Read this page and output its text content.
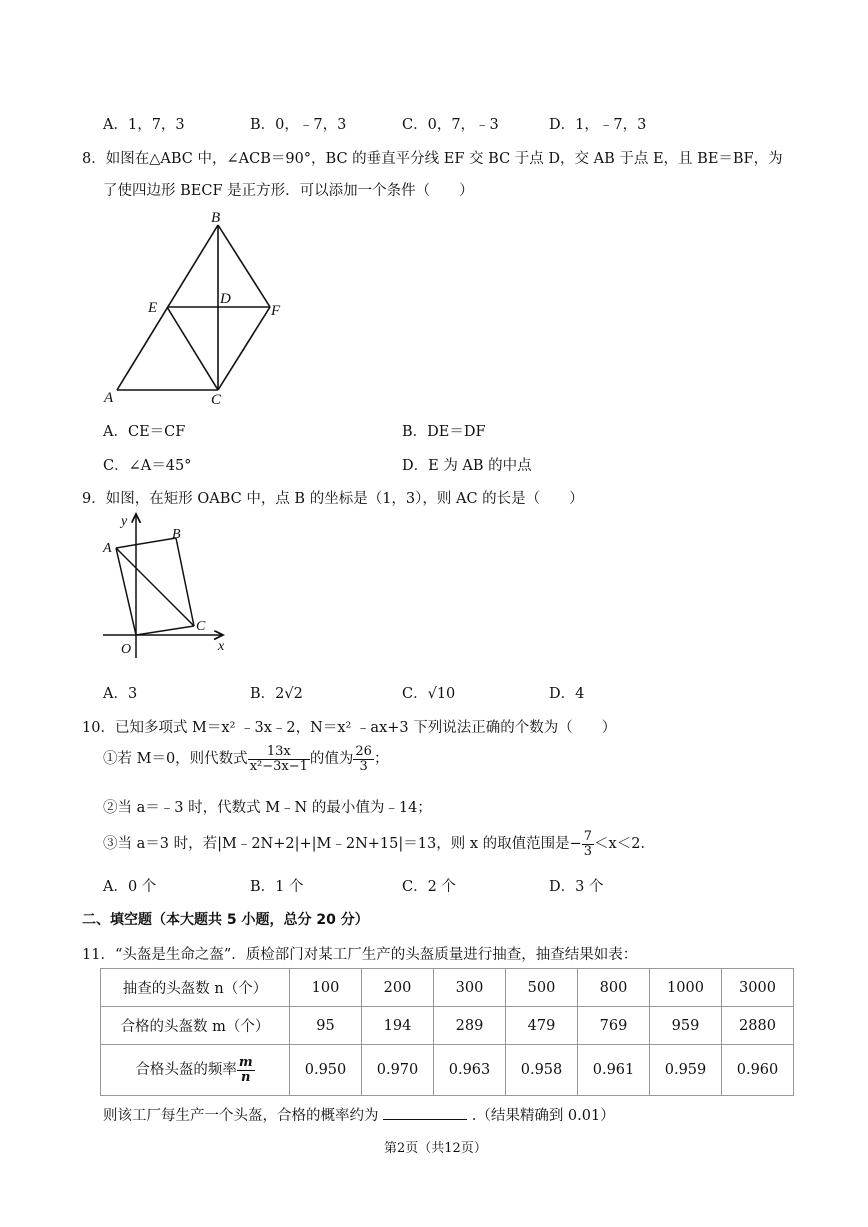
A．1，7，3	B．0，﹣7，3	C．0，7，﹣3	D．1，﹣7，3
8．如图在△ABC 中，∠ACB＝90°，BC 的垂直平分线 EF 交 BC 于点 D，交 AB 于点 E，且 BE＝BF，为
了使四边形 BECF 是正方形．可以添加一个条件（　　）
B
A	C
D
E	F
A．CE＝CF	B．DE＝DF
C．∠A＝45°	D．E 为 AB 的中点
9．如图，在矩形 OABC 中，点 B 的坐标是（1，3），则 AC 的长是（　　）
y
x
A
B
C
O
A．3	B．2√2	C．√10	D．4
10．已知多项式 M＝x² ﹣3x﹣2，N＝x² ﹣ax+3 下列说法正确的个数为（　　）
①若 M＝0，则代数式 $\frac{13x}{\text{x²−3x−1}}$ 的值为 $\frac{26}{3}$ ；
②当 a＝﹣3 时，代数式 M﹣N 的最小值为﹣14；
③当 a＝3 时，若|M﹣2N+2|+|M﹣2N+15|＝13，则 x 的取值范围是− $\frac{7}{3} <x<2$．
A．0 个	B．1 个	C．2 个	D．3 个
二、填空题（本大题共 5 小题，总分 20 分）
11．“头盔是生命之盔”．质检部门对某工厂生产的头盔质量进行抽查，抽查结果如表：
抽查的头盔数 n（个）	100	200	300	500	800	1000	3000
合格的头盔数 m（个）	95	194	289	479	769	959	2880
合格头盔的频率 $\frac{m}{n}$	0.950	0.970	0.963	0.958	0.961	0.959	0.960
则该工厂每生产一个头盔，合格的概率约为	.（结果精确到 0.01）
第2页（共12页）
